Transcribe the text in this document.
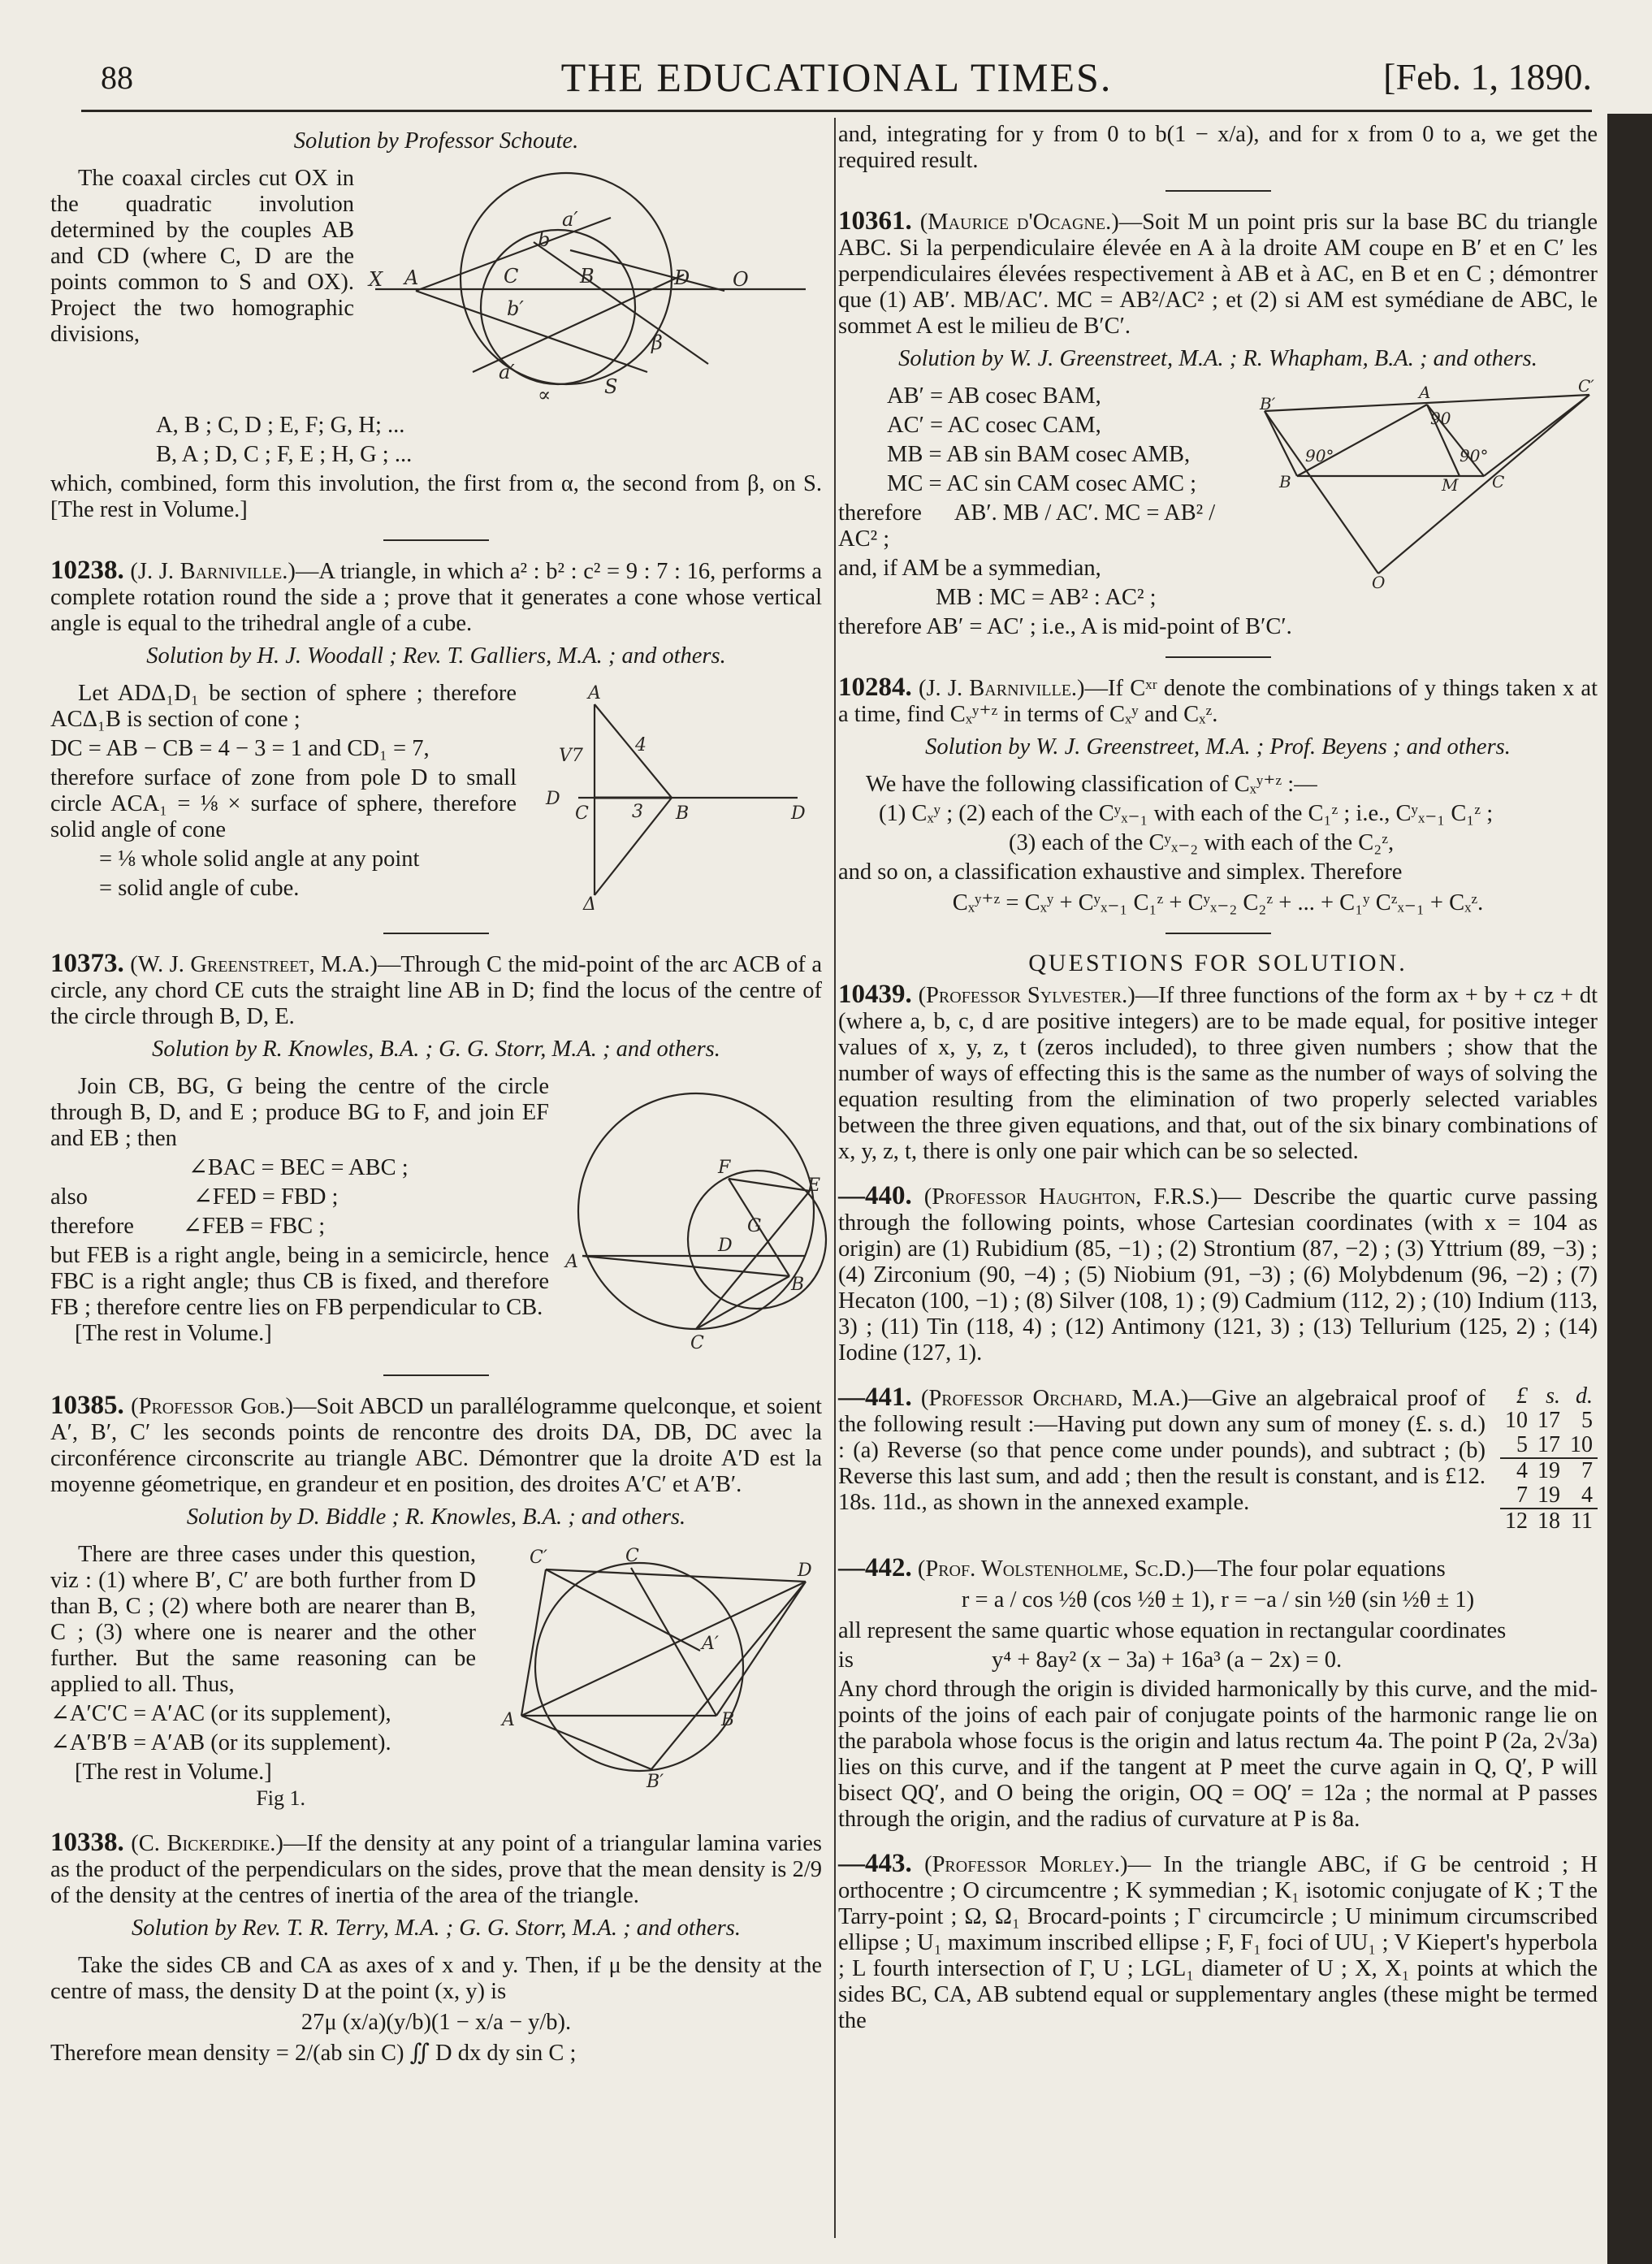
88	THE EDUCATIONAL TIMES.	[Feb. 1, 1890.

Solution by Professor Schoute.

X A	C	B	D O
a′
b
b′
β
a′
∝	S

The coaxal circles cut OX in the quadratic involution determined by the couples AB and CD (where C, D are the points common to S and OX). Project the two homographic divisions,

A, B ; C, D ; E, F; G, H; ...

B, A ; D, C ; F, E ; H, G ; ...

which, combined, form this involution, the first from α, the second from β, on S. [The rest in Volume.]

10238. (J. J. Barniville.)—A triangle, in which a² : b² : c² = 9 : 7 : 16, performs a complete rotation round the side a ; prove that it generates a cone whose vertical angle is equal to the trihedral angle of a cube.

Solution by H. J. Woodall ; Rev. T. Galliers, M.A. ; and others.

A
D
C 3 B	D
V7
4
Δ

Let ADΔ₁D₁ be section of sphere ; therefore ACΔ₁B is section of cone ;

DC = AB − CB = 4 − 3 = 1 and CD₁ = 7,

therefore surface of zone from pole D to small circle ACA₁ = ⅛ × surface of sphere, therefore solid angle of cone

= ⅛ whole solid angle at any point

= solid angle of cube.

10373. (W. J. Greenstreet, M.A.)—Through C the mid-point of the arc ACB of a circle, any chord CE cuts the straight line AB in D; find the locus of the centre of the circle through B, D, E.

Solution by R. Knowles, B.A. ; G. G. Storr, M.A. ; and others.

F
E
G
D
A
B
C

Join CB, BG, G being the centre of the circle through B, D, and E ; produce BG to F, and join EF and EB ; then

∠BAC = BEC = ABC ;

also	∠FED = FBD ;

therefore ∠FEB = FBC ;

but FEB is a right angle, being in a semicircle, hence FBC is a right angle; thus CB is fixed, and therefore FB ; therefore centre lies on FB perpendicular to CB.

[The rest in Volume.]

10385. (Professor Gob.)—Soit ABCD un parallélogramme quelconque, et soient A′, B′, C′ les seconds points de rencontre des droits DA, DB, DC avec la circonférence circonscrite au triangle ABC. Démontrer que la droite A′D est la moyenne géometrique, en grandeur et en position, des droites A′C′ et A′B′.

Solution by D. Biddle ; R. Knowles, B.A. ; and others.

C′	C
D
A′
A	B
B′

There are three cases under this question, viz : (1) where B′, C′ are both further from D than B, C ; (2) where both are nearer than B, C ; (3) where one is nearer and the other further. But the same reasoning can be applied to all. Thus,

∠A′C′C = A′AC (or its supplement),

∠A′B′B = A′AB (or its supplement).

[The rest in Volume.]
Fig 1.

10338. (C. Bickerdike.)—If the density at any point of a triangular lamina varies as the product of the perpendiculars on the sides, prove that the mean density is 2/9 of the density at the centres of inertia of the area of the triangle.

Solution by Rev. T. R. Terry, M.A. ; G. G. Storr, M.A. ; and others.

Take the sides CB and CA as axes of x and y. Then, if μ be the density at the centre of mass, the density D at the point (x, y) is

27μ (x/a)(y/b)(1 − x/a − y/b).

Therefore mean density = 2/(ab sin C) ∬ D dx dy sin C ;

and, integrating for y from 0 to b(1 − x/a), and for x from 0 to a, we get the required result.

10361. (Maurice d'Ocagne.)—Soit M un point pris sur la base BC du triangle ABC. Si la perpendiculaire élevée en A à la droite AM coupe en B′ et en C′ les perpendiculaires élevées respectivement à AB et à AC, en B et en C ; démontrer que (1) AB′. MB/AC′. MC = AB²/AC² ; et (2) si AM est symédiane de ABC, le sommet A est le milieu de B′C′.

Solution by W. J. Greenstreet, M.A. ; R. Whapham, B.A. ; and others.

B′
A	C′
B	M C
O
90°	90°
90

AB′ = AB cosec BAM,

AC′ = AC cosec CAM,

MB = AB sin BAM cosec AMB,

MC = AC sin CAM cosec AMC ;

therefore AB′. MB / AC′. MC = AB² / AC² ;

and, if AM be a symmedian,

MB : MC = AB² : AC² ;

therefore AB′ = AC′ ; i.e., A is mid-point of B′C′.

10284. (J. J. Barniville.)—If Cˣʳ denote the combinations of y things taken x at a time, find Cₓʸ⁺ᶻ in terms of Cₓʸ and Cₓᶻ.

Solution by W. J. Greenstreet, M.A. ; Prof. Beyens ; and others.

We have the following classification of Cₓʸ⁺ᶻ :—

(1) Cₓʸ ; (2) each of the Cʸₓ₋₁ with each of the C₁ᶻ ; i.e., Cʸₓ₋₁ C₁ᶻ ;

(3) each of the Cʸₓ₋₂ with each of the C₂ᶻ,

and so on, a classification exhaustive and simplex. Therefore

Cₓʸ⁺ᶻ = Cₓʸ + Cʸₓ₋₁ C₁ᶻ + Cʸₓ₋₂ C₂ᶻ + ... + C₁ʸ Cᶻₓ₋₁ + Cₓᶻ.

QUESTIONS FOR SOLUTION.

10439. (Professor Sylvester.)—If three functions of the form ax + by + cz + dt (where a, b, c, d are positive integers) are to be made equal, for positive integer values of x, y, z, t (zeros included), to three given numbers ; show that the number of ways of effecting this is the same as the number of ways of solving the equation resulting from the elimination of two properly selected variables between the three given equations, and that, out of the six binary combinations of x, y, z, t, there is only one pair which can be so selected.

—440. (Professor Haughton, F.R.S.)— Describe the quartic curve passing through the following points, whose Cartesian coordinates (with x = 104 as origin) are (1) Rubidium (85, −1) ; (2) Strontium (87, −2) ; (3) Yttrium (89, −3) ; (4) Zirconium (90, −4) ; (5) Niobium (91, −3) ; (6) Molybdenum (96, −2) ; (7) Hecaton (100, −1) ; (8) Silver (108, 1) ; (9) Cadmium (112, 2) ; (10) Indium (113, 3) ; (11) Tin (118, 4) ; (12) Antimony (121, 3) ; (13) Tellurium (125, 2) ; (14) Iodine (127, 1).

£	s.	d.
10	17	5
5	17	10
4	19	7
7	19	4
12	18	11

—441. (Professor Orchard, M.A.)—Give an algebraical proof of the following result :—Having put down any sum of money (£. s. d.) : (a) Reverse (so that pence come under pounds), and subtract ; (b) Reverse this last sum, and add ; then the result is constant, and is £12. 18s. 11d., as shown in the annexed example.

—442. (Prof. Wolstenholme, Sc.D.)—The four polar equations

r = a / cos ½θ (cos ½θ ± 1), r = −a / sin ½θ (sin ½θ ± 1)

all represent the same quartic whose equation in rectangular coordinates

is	y⁴ + 8ay² (x − 3a) + 16a³ (a − 2x) = 0.

Any chord through the origin is divided harmonically by this curve, and the mid-points of the joins of each pair of conjugate points of the harmonic range lie on the parabola whose focus is the origin and latus rectum 4a. The point P (2a, 2√3a) lies on this curve, and if the tangent at P meet the curve again in Q, Q′, P will bisect QQ′, and O being the origin, OQ = OQ′ = 12a ; the normal at P passes through the origin, and the radius of curvature at P is 8a.

—443. (Professor Morley.)— In the triangle ABC, if G be centroid ; H orthocentre ; O circumcentre ; K symmedian ; K₁ isotomic conjugate of K ; T the Tarry-point ; Ω, Ω₁ Brocard-points ; Γ circumcircle ; U minimum circumscribed ellipse ; U₁ maximum inscribed ellipse ; F, F₁ foci of UU₁ ; V Kiepert's hyperbola ; L fourth intersection of Γ, U ; LGL₁ diameter of U ; X, X₁ points at which the sides BC, CA, AB subtend equal or supplementary angles (these might be termed the
